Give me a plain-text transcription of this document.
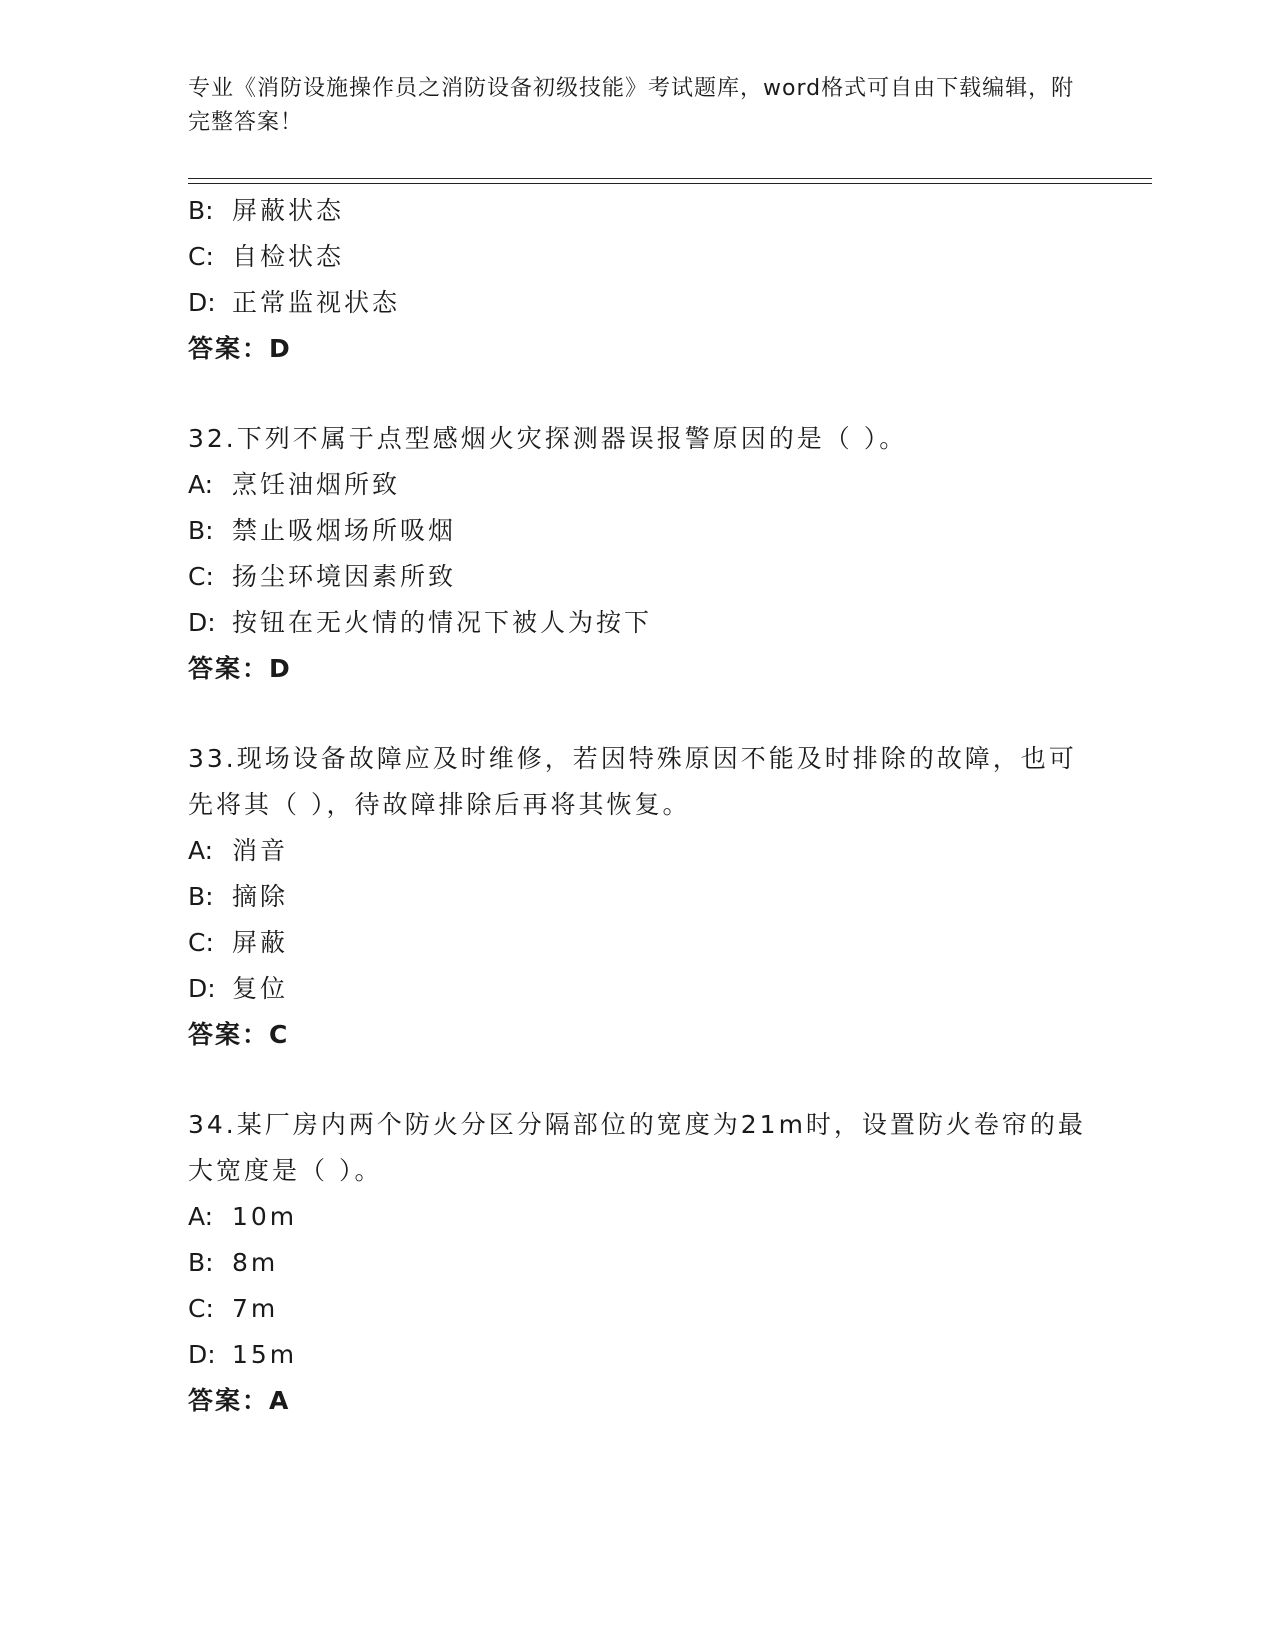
专业《消防设施操作员之消防设备初级技能》考试题库，word格式可自由下载编辑，附完整答案！
B: 屏蔽状态
C: 自检状态
D: 正常监视状态
答案：D
32.下列不属于点型感烟火灾探测器误报警原因的是（ ）。
A: 烹饪油烟所致
B: 禁止吸烟场所吸烟
C: 扬尘环境因素所致
D: 按钮在无火情的情况下被人为按下
答案：D
33.现场设备故障应及时维修，若因特殊原因不能及时排除的故障，也可先将其（ ），待故障排除后再将其恢复。
A: 消音
B: 摘除
C: 屏蔽
D: 复位
答案：C
34.某厂房内两个防火分区分隔部位的宽度为21m时，设置防火卷帘的最大宽度是（ ）。
A: 10m
B: 8m
C: 7m
D: 15m
答案：A
